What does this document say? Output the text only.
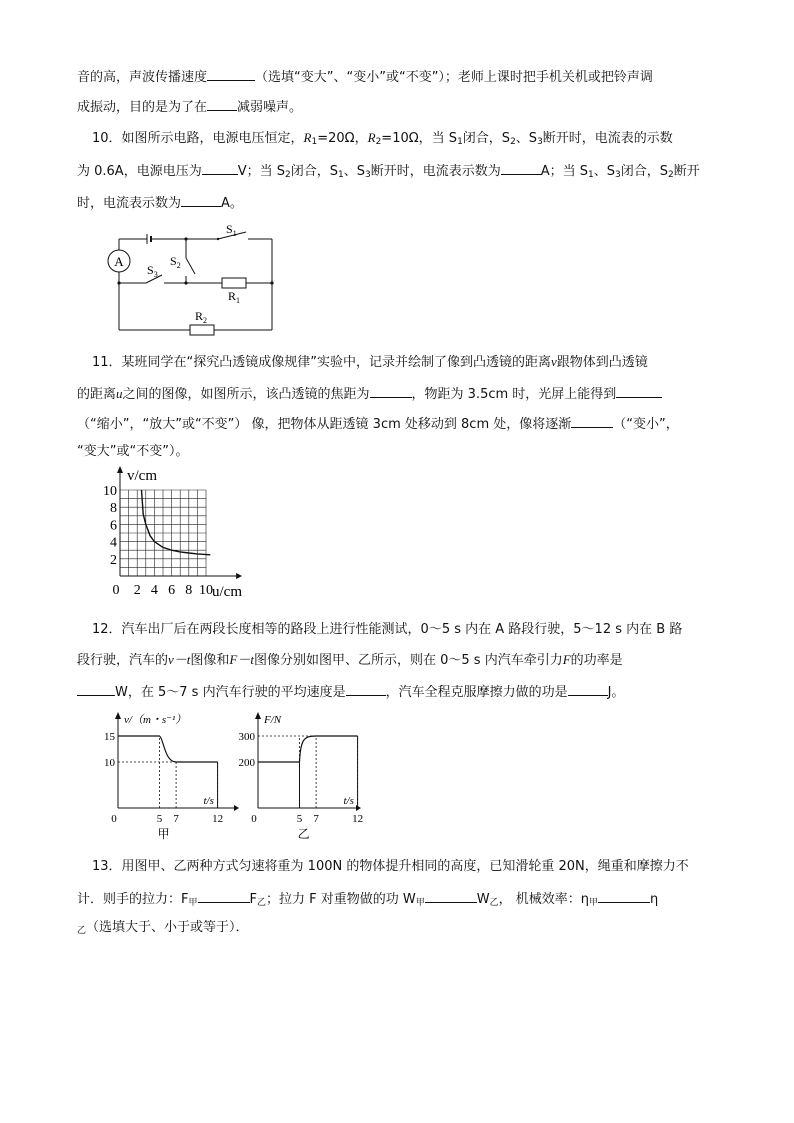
音的高，声波传播速度	（选填“变大”、“变小”或“不变”）；老师上课时把手机关机或把铃声调
成振动，目的是为了在 减弱噪声。
10．如图所示电路，电源电压恒定，$R_1=20\Omega$，$R_2=10\Omega$，当 $S_1$闭合，$S_2$、$S_3$断开时，电流表的示数
为 0.6A，电源电压为	V；当 $S_2$闭合，$S_1$、$S_3$断开时，电流表示数为	A；当 $S_1$、$S_3$闭合，$S_2$断开
时，电流表示数为	A。
A
$S_1$
$S_2$
$S_3$
$R_1$
$R_2$
11．某班同学在“探究凸透镜成像规律”实验中，记录并绘制了像到凸透镜的距离v跟物体到凸透镜
的距离u之间的图像，如图所示，该凸透镜的焦距为	，物距为 3.5cm 时，光屏上能得到
（“缩小”，“放大”或“不变”） 像，把物体从距透镜 3cm 处移动到 8cm 处，像将逐渐	（“变小”，
“变大”或“不变”）。
10
8
6
4
2
0 2 4 6 8 10
v/cm
u/cm
12．汽车出厂后在两段长度相等的路段上进行性能测试，0～5 s 内在 A 路段行驶，5～12 s 内在 B 路
段行驶，汽车的v－t图像和F－t图像分别如图甲、乙所示，则在 0～5 s 内汽车牵引力F的功率是
W，在 5～7 s 内汽车行驶的平均速度是	，汽车全程克服摩擦力做的功是	J。
15
10
0	5 7	12
v/（m・s⁻¹）
t/s
甲
300
200
0	5 7	12
F/N
t/s
乙
13．用图甲、乙两种方式匀速将重为 100N 的物体提升相同的高度，已知滑轮重 20N，绳重和摩擦力不
计．则手的拉力：$F_甲$	$F_乙$；拉力 F 对重物做的功 $W_甲$	$W_乙$， 机械效率：$\eta_甲$	η
$_乙$（选填大于、小于或等于）．
